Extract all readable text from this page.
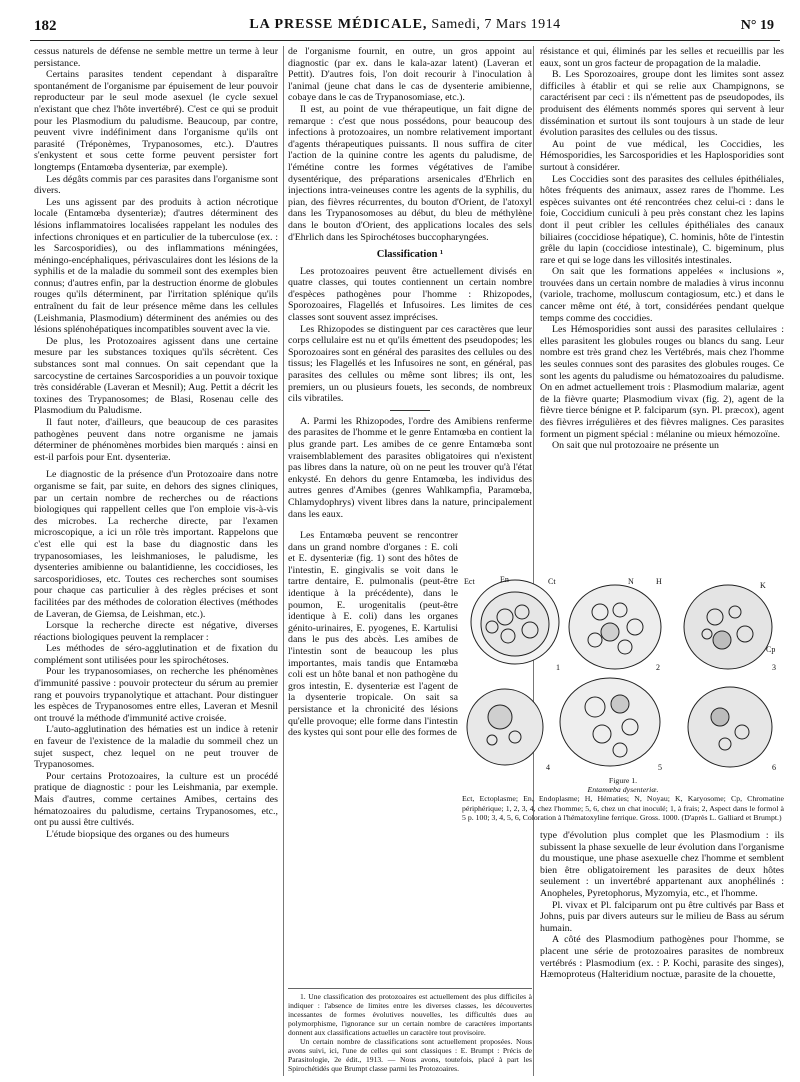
182	LA PRESSE MÉDICALE, Samedi, 7 Mars 1914	N° 19

cessus naturels de défense ne semble mettre un terme à leur persistance.

Certains parasites tendent cependant à disparaître spontanément de l'organisme par épuisement de leur pouvoir reproducteur par le seul mode asexuel (le cycle sexuel n'existant que chez l'hôte invertébré). C'est ce qui se produit pour les Plasmodium du paludisme. Beaucoup, par contre, peuvent vivre indéfiniment dans l'organisme qu'ils ont parasité (Tréponèmes, Trypanosomes, etc.). D'autres s'enkystent et sous cette forme peuvent persister fort longtemps (Entamœba dysenteriæ, par exemple).

Les dégâts commis par ces parasites dans l'organisme sont divers.

Les uns agissent par des produits à action nécrotique locale (Entamœba dysenteriæ); d'autres déterminent des lésions inflammatoires localisées rappelant les nodules des infections chroniques et en particulier de la tuberculose (ex. : les Sarcosporidies), ou des inflammations méningées, méningo-encéphaliques, périvasculaires dont les lésions de la syphilis et de la maladie du sommeil sont des exemples bien connus; d'autres enfin, par la destruction énorme de globules rouges qu'ils déterminent, par l'irritation splénique qu'ils entraînent du fait de leur présence même dans les cellules (Leishmania, Plasmodium) déterminent des anémies ou des lésions splénohépatiques incompatibles souvent avec la vie.

De plus, les Protozoaires agissent dans une certaine mesure par les substances toxiques qu'ils sécrètent. Ces substances sont mal connues. On sait cependant que la sarcocystine de certaines Sarcosporidies a un pouvoir toxique très considérable (Laveran et Mesnil); Aug. Pettit a décrit les toxines des Trypanosomes; de Blasi, Rosenau celle des Plasmodium du Paludisme.

Il faut noter, d'ailleurs, que beaucoup de ces parasites pathogènes peuvent dans notre organisme ne jamais déterminer de phénomènes morbides bien marqués : ainsi en est-il parfois pour Ent. dysenteriæ.

Le diagnostic de la présence d'un Protozoaire dans notre organisme se fait, par suite, en dehors des signes cliniques, par un certain nombre de recherches ou de réactions biologiques qui rappellent celles que l'on emploie vis-à-vis des microbes. La recherche directe, par l'examen microscopique, a ici un rôle très important. Rappelons que c'est elle qui est la base du diagnostic dans les trypanosomiases, les leishmanioses, le paludisme, les dysenteries amibienne ou balantidienne, les coccidioses, les sarcosporidioses, etc. Toutes ces recherches sont soumises pour chaque cas particulier à des règles précises et sont facilitées par des méthodes de coloration électives (méthodes de Laveran, de Giemsa, de Leishman, etc.).

Lorsque la recherche directe est négative, diverses réactions biologiques peuvent la remplacer :

Les méthodes de séro-agglutination et de fixation du complément sont utilisées pour les spirochétoses.

Pour les trypanosomiases, on recherche les phénomènes d'immunité passive : pouvoir protecteur du sérum au premier rang et pouvoirs trypanolytique et attachant. Pour distinguer les espèces de Trypanosomes entre elles, Laveran et Mesnil ont trouvé la méthode d'immunité active croisée.

L'auto-agglutination des hématies est un indice à retenir en faveur de l'existence de la maladie du sommeil chez un sujet suspect, chez lequel on ne peut trouver de Trypanosomes.

Pour certains Protozoaires, la culture est un procédé pratique de diagnostic : pour les Leishmania, par exemple. Mais d'autres, comme certaines Amibes, certains des hématozoaires du paludisme, certains Trypanosomes, etc., ont pu aussi être cultivés.

L'étude biopsique des organes ou des humeurs

de l'organisme fournit, en outre, un gros appoint au diagnostic (par ex. dans le kala-azar latent) (Laveran et Pettit). D'autres fois, l'on doit recourir à l'inoculation à l'animal (jeune chat dans le cas de dysenterie amibienne, cobaye dans le cas de Trypanosomiase, etc.).

Il est, au point de vue thérapeutique, un fait digne de remarque : c'est que nous possédons, pour beaucoup des infections à protozoaires, un nombre relativement important d'agents thérapeutiques puissants. Il nous suffira de citer l'action de la quinine contre les agents du paludisme, de l'émétine contre les formes végétatives de l'amibe dysentérique, des préparations arsenicales d'Ehrlich en injections intra-veineuses contre les agents de la syphilis, du pian, des fièvres récurrentes, du bouton d'Orient, de l'atoxyl dans les Trypanosomoses au début, du bleu de méthylène dans le bouton d'Orient, des applications locales des sels d'Ehrlich dans les Spirochétoses buccopharyngées.

Classification ¹

Les protozoaires peuvent être actuellement divisés en quatre classes, qui toutes contiennent un certain nombre d'espèces pathogènes pour l'homme : Rhizopodes, Sporozoaires, Flagellés et Infusoires. Les limites de ces classes sont souvent assez imprécises.

Les Rhizopodes se distinguent par ces caractères que leur corps cellulaire est nu et qu'ils émettent des pseudopodes; les Sporozoaires sont en général des parasites des cellules ou des tissus; les Flagellés et les Infusoires ne sont, en général, pas parasites des cellules ou même sont libres; ils ont, les premiers, un ou plusieurs fouets, les seconds, de nombreux cils vibratiles.

A. Parmi les Rhizopodes, l'ordre des Amibiens renferme des parasites de l'homme et le genre Entamœba en contient la plus grande part. Les amibes de ce genre Entamœba sont vraisemblablement des parasites obligatoires qui n'existent pas libres dans la nature, où on ne peut les trouver qu'à l'état enkysté. En dehors du genre Entamœba, les individus des autres genres d'Amibes (genres Wahlkampfia, Paramœba, Chlamydophrys) vivent libres dans la nature, principalement dans les eaux.

Les Entamœba peuvent se rencontrer dans un grand nombre d'organes : E. coli et E. dysenteriæ (fig. 1) sont des hôtes de l'intestin, E. gingivalis se voit dans le tartre dentaire, E. pulmonalis (peut-être identique à la précédente), dans le poumon, E. urogenitalis (peut-être identique à E. coli) dans les organes génito-urinaires, E. pyogenes, E. Kartulisi dans le pus des abcès. Les amibes de l'intestin sont de beaucoup les plus importantes, mais tandis que Entamœba coli est un hôte banal et non pathogène du gros intestin, E. dysenteriæ est l'agent de la dysenterie tropicale. On sait sa persistance et la chronicité des lésions qu'elle provoque; elle forme dans l'intestin des kystes qui sont pour elle des formes de

1. Une classification des protozoaires est actuellement des plus difficiles à indiquer : l'absence de limites entre les diverses classes, les découvertes incessantes de formes évolutives nouvelles, les difficultés dues au polymorphisme, l'ignorance sur un certain nombre de caractères importants donnent aux classifications actuelles un caractère tout provisoire.

Un certain nombre de classifications sont actuellement proposées. Nous avons suivi, ici, l'une de celles qui sont classiques : E. Brumpt : Précis de Parasitologie, 2e édit., 1913. — Nous avons, toutefois, placé à part les Spirochétidés que Brumpt classe parmi les Protozoaires.

résistance et qui, éliminés par les selles et recueillis par les eaux, sont un gros facteur de propagation de la maladie.

B. Les Sporozoaires, groupe dont les limites sont assez difficiles à établir et qui se relie aux Champignons, se caractérisent par ceci : ils n'émettent pas de pseudopodes, ils produisent des éléments nommés spores qui servent à leur dissémination et surtout ils sont toujours à un stade de leur évolution parasites des cellules ou des tissus.

Au point de vue médical, les Coccidies, les Hémosporidies, les Sarcosporidies et les Haplosporidies sont surtout à considérer.

Les Coccidies sont des parasites des cellules épithéliales, hôtes fréquents des animaux, assez rares de l'homme. Les espèces suivantes ont été rencontrées chez celui-ci : dans le foie, Coccidium cuniculi à peu près constant chez les lapins dont il peut cribler les cellules épithéliales des canaux biliaires (coccidiose hépatique), C. hominis, hôte de l'intestin grêle du lapin (coccidiose intestinale), C. bigeminum, plus rare et qui se loge dans les villosités intestinales.

On sait que les formations appelées « inclusions », trouvées dans un certain nombre de maladies à virus inconnu (variole, trachome, molluscum contagiosum, etc.) et dans le cancer même ont été, à tort, considérées pendant quelque temps comme des coccidies.

Les Hémosporidies sont aussi des parasites cellulaires : elles parasitent les globules rouges ou blancs du sang. Leur nombre est très grand chez les Vertébrés, mais chez l'homme les seules connues sont des parasites des globules rouges. Ce sont les agents du paludisme ou hématozoaires du paludisme. On en admet actuellement trois : Plasmodium malariæ, agent de la fièvre quarte; Plasmodium vivax (fig. 2), agent de la fièvre tierce bénigne et P. falciparum (syn. Pl. præcox), agent des fièvres irrégulières et des fièvres malignes. Ces parasites forment un pigment spécial : mélanine ou mieux hémozoïne.

On sait que nul protozoaire ne présente un

Ect	En	Ct	N	H	K
Cp
1	2	3
4	5	6
Figure 1.
Entamœba dysenteriæ.
Ect, Ectoplasme; En, Endoplasme; H, Hématies; N, Noyau; K, Karyosome; Cp, Chromatine périphérique; 1, 2, 3, 4, chez l'homme; 5, 6, chez un chat inoculé; 1, à frais; 2, Aspect dans le formol à 5 p. 100; 3, 4, 5, 6, Coloration à l'hématoxyline ferrique. Gross. 1000. (D'après L. Galliard et Brumpt.)

type d'évolution plus complet que les Plasmodium : ils subissent la phase sexuelle de leur évolution dans l'organisme du moustique, une phase asexuelle chez l'homme et semblent bien être obligatoirement les parasites de deux hôtes seulement : un invertébré appartenant aux anophélinés : Anopheles, Pyretophorus, Myzomyia, etc., et l'homme.

Pl. vivax et Pl. falciparum ont pu être cultivés par Bass et Johns, puis par divers auteurs sur le milieu de Bass au sérum humain.

A côté des Plasmodium pathogènes pour l'homme, se placent une série de protozoaires parasites de nombreux vertébrés : Plasmodium (ex. : P. Kochi, parasite des singes), Hæmoproteus (Halteridium noctuæ, parasite de la chouette,
